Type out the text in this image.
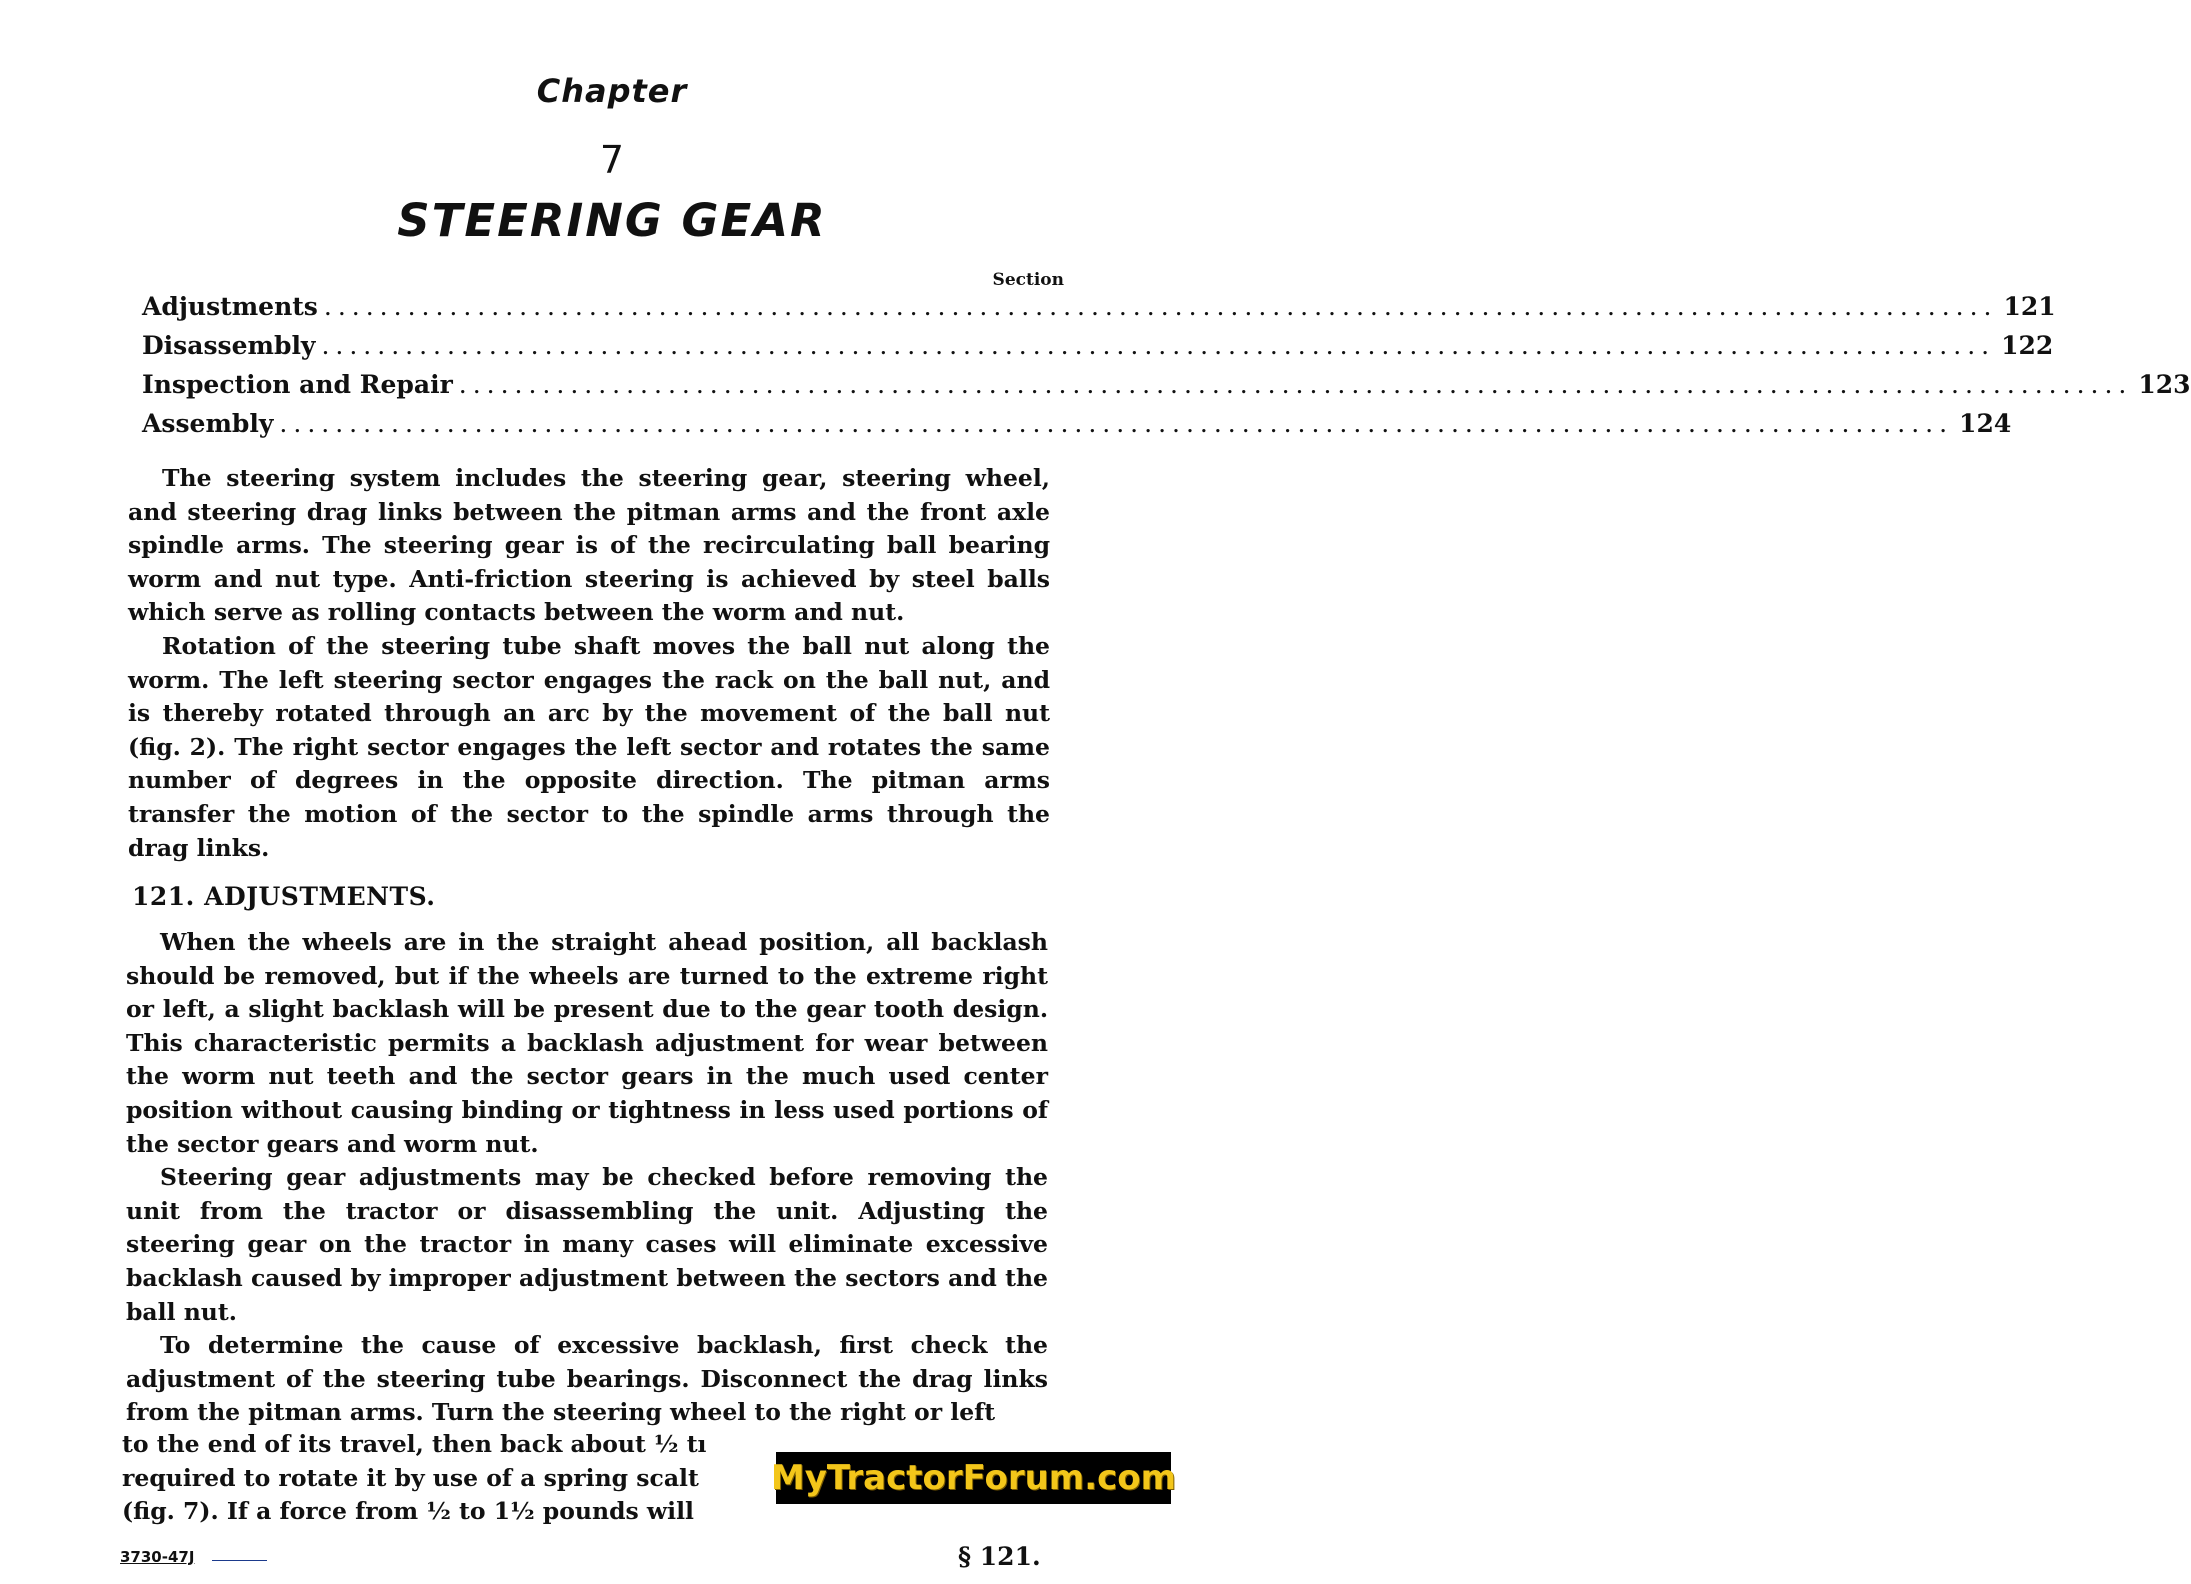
Chapter
7
STEERING GEAR
Section
Adjustments ........................................................................................................................ 121
Disassembly ........................................................................................................................ 122
Inspection and Repair ........................................................................................................................ 123
Assembly ........................................................................................................................ 124

The steering system includes the steering gear, steering wheel, and steering drag links between the pitman arms and the front axle spindle arms. The steering gear is of the recirculating ball bearing worm and nut type. Anti-friction steering is achieved by steel balls which serve as rolling contacts between the worm and nut.

Rotation of the steering tube shaft moves the ball nut along the worm. The left steering sector engages the rack on the ball nut, and is thereby rotated through an arc by the movement of the ball nut (fig. 2). The right sector engages the left sector and rotates the same number of degrees in the opposite direction. The pitman arms transfer the motion of the sector to the spindle arms through the drag links.

121. ADJUSTMENTS.

When the wheels are in the straight ahead position, all backlash should be removed, but if the wheels are turned to the extreme right or left, a slight backlash will be present due to the gear tooth design. This characteristic permits a backlash adjustment for wear between the worm nut teeth and the sector gears in the much used center position without causing binding or tightness in less used portions of the sector gears and worm nut.

Steering gear adjustments may be checked before removing the unit from the tractor or disassembling the unit. Adjusting the steering gear on the tractor in many cases will eliminate excessive backlash caused by improper adjustment between the sectors and the ball nut.

To determine the cause of excessive backlash, first check the adjustment of the steering tube bearings. Disconnect the drag links from the pitman arms. Turn the steering wheel to the right or left

to the end of its travel, then back about ½ tı

required to rotate it by use of a spring scalt

(fig. 7). If a force from ½ to 1½ pounds will

MyTractorForum.com
3730-47J	§ 121.
